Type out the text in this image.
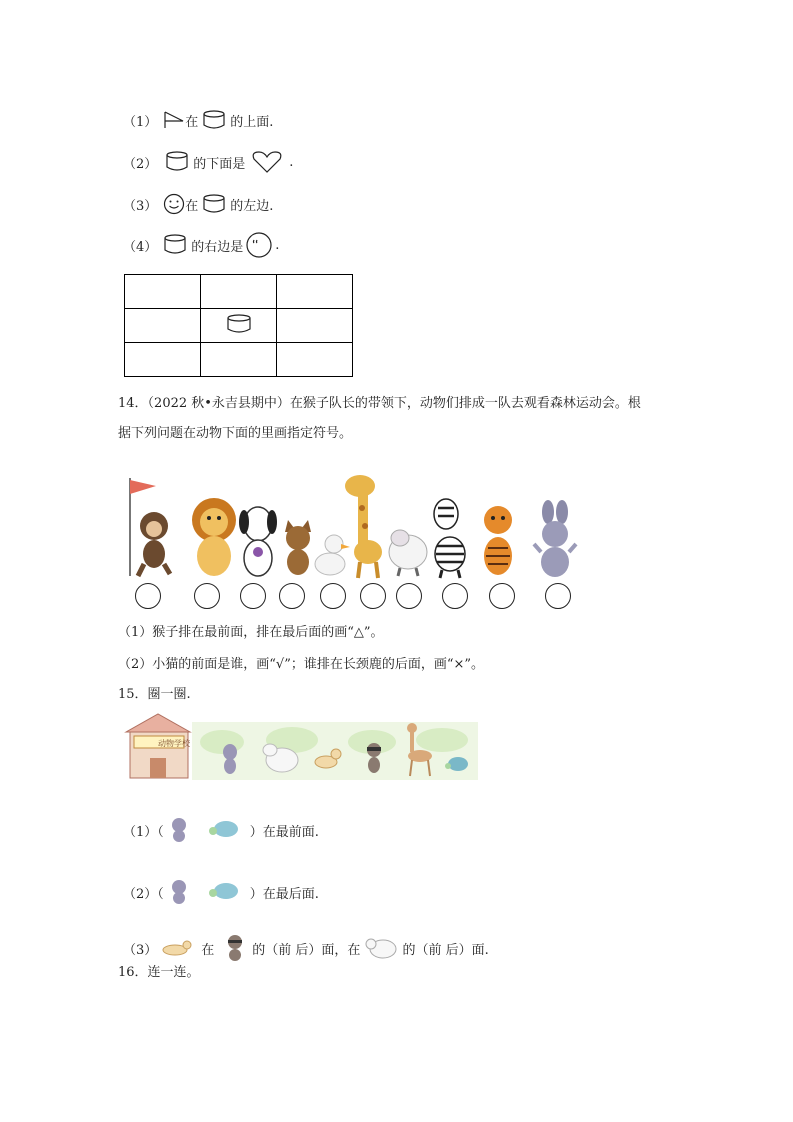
（1） 在 的上面.
（2）	的下面是	.
（3） 在 的左边.
（4）	的右边是 .

14．（2022 秋•永吉县期中）在猴子队长的带领下，动物们排成一队去观看森林运动会。根
据下列问题在动物下面的里画指定符号。
（1）猴子排在最前面，排在最后面的画“△”。
（2）小猫的前面是谁，画“√”；谁排在长颈鹿的后面，画“×”。
15．圈一圈.
动物学校
（1）（	）在最前面.
（2）（	）在最后面.
（3）	在	的（前 后）面，在	的（前 后）面.
16．连一连。
